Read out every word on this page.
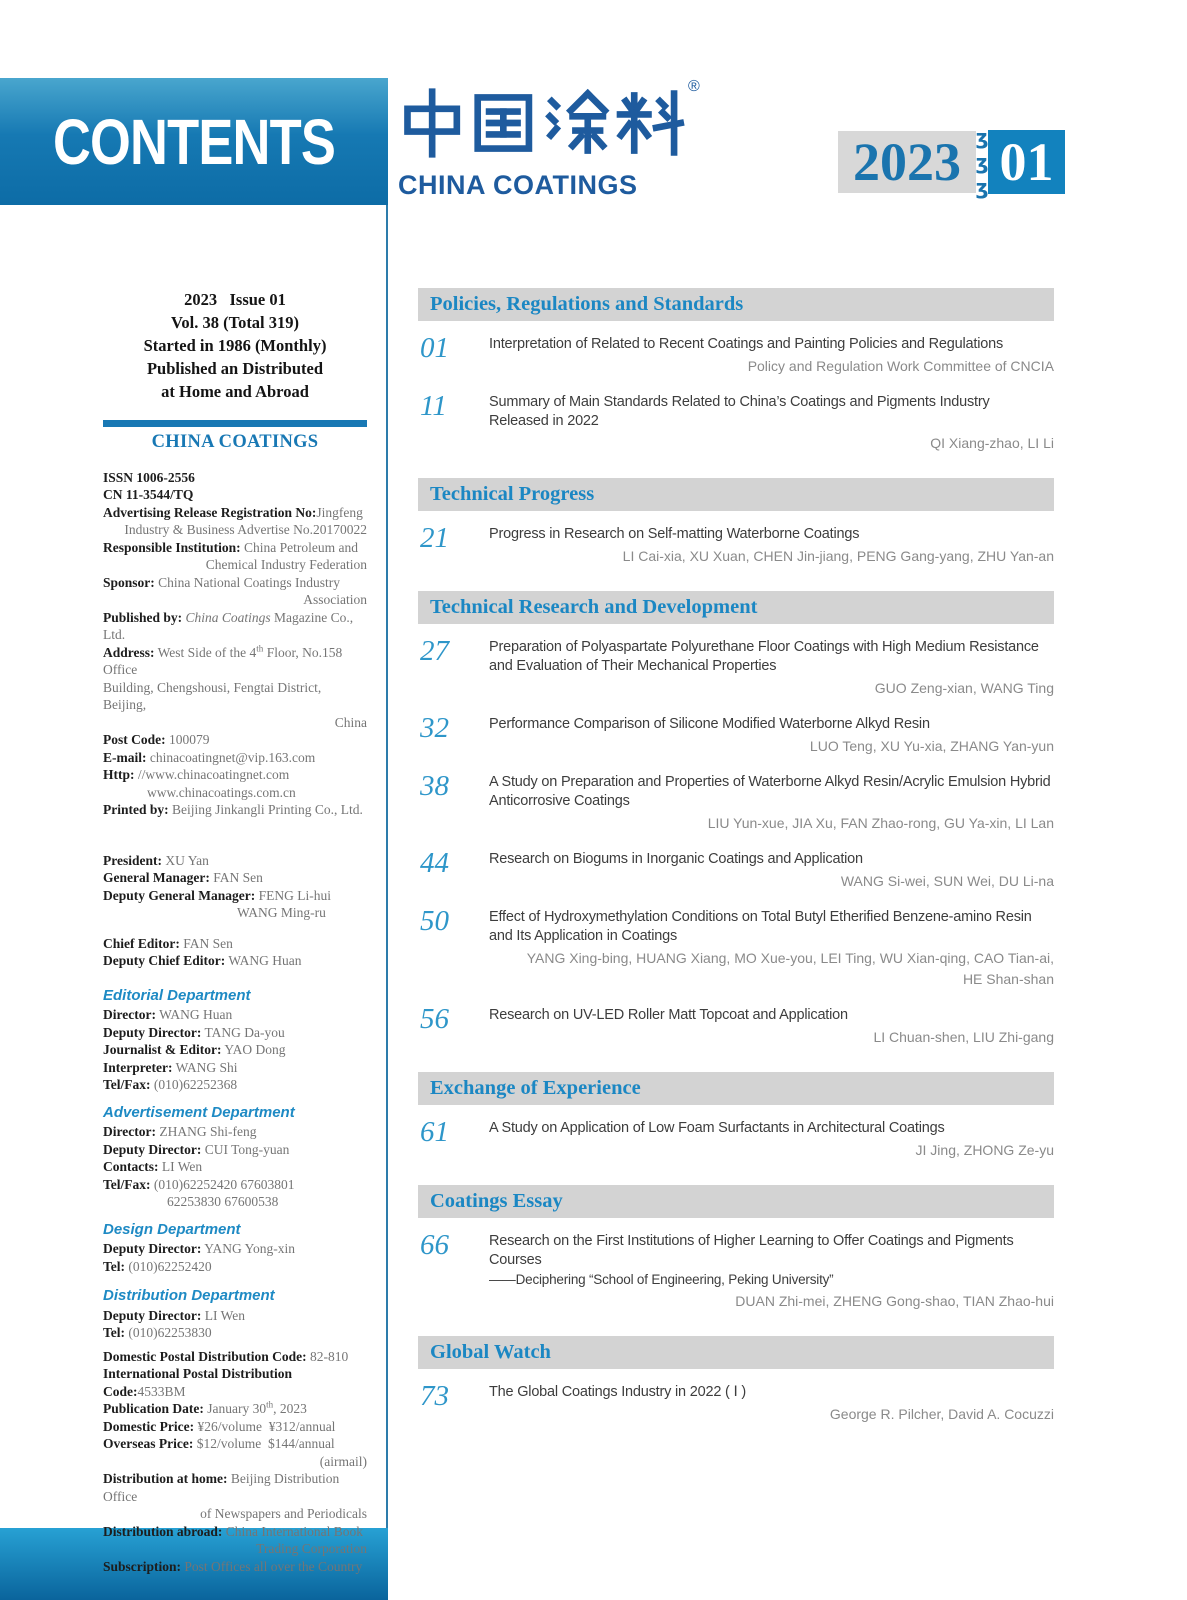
CONTENTS
®
CHINA COATINGS	2023 ʒ
ʒ
ʒ 01
2023   Issue 01
Vol. 38 (Total 319)
Started in 1986 (Monthly)
Published an Distributed
at Home and Abroad
CHINA COATINGS
ISSN 1006-2556
CN 11-3544/TQ
Advertising Release Registration No:Jingfeng
Industry & Business Advertise No.20170022
Responsible Institution: China Petroleum and
Chemical Industry Federation
Sponsor: China National Coatings Industry
Association
Published by: China Coatings Magazine Co., Ltd.
Address: West Side of the 4th Floor, No.158 Office
Building, Chengshousi, Fengtai District, Beijing,
China
Post Code: 100079
E-mail: chinacoatingnet@vip.163.com
Http: //www.chinacoatingnet.com
www.chinacoatings.com.cn
Printed by: Beijing Jinkangli Printing Co., Ltd.
President: XU Yan
General Manager: FAN Sen
Deputy General Manager: FENG Li-hui
WANG Ming-ru
Chief Editor: FAN Sen
Deputy Chief Editor: WANG Huan
Editorial Department
Director: WANG Huan
Deputy Director: TANG Da-you
Journalist & Editor: YAO Dong
Interpreter: WANG Shi
Tel/Fax: (010)62252368
Advertisement Department
Director: ZHANG Shi-feng
Deputy Director: CUI Tong-yuan
Contacts: LI Wen
Tel/Fax: (010)62252420 67603801
62253830 67600538
Design Department
Deputy Director: YANG Yong-xin
Tel: (010)62252420
Distribution Department
Deputy Director: LI Wen
Tel: (010)62253830
Domestic Postal Distribution Code: 82-810
International Postal Distribution Code:4533BM
Publication Date: January 30th, 2023
Domestic Price: ¥26/volume  ¥312/annual
Overseas Price: $12/volume  $144/annual
(airmail)
Distribution at home: Beijing Distribution Office
of Newspapers and Periodicals
Distribution abroad: China International Book
Trading Corporation
Subscription: Post Offices all over the Country
Policies, Regulations and Standards
01	Interpretation of Related to Recent Coatings and Painting Policies and Regulations
Policy and Regulation Work Committee of CNCIA
11	Summary of Main Standards Related to China’s Coatings and Pigments Industry Released in 2022
QI Xiang-zhao, LI Li
Technical Progress
21	Progress in Research on Self-matting Waterborne Coatings
LI Cai-xia, XU Xuan, CHEN Jin-jiang, PENG Gang-yang, ZHU Yan-an
Technical Research and Development
27	Preparation of Polyaspartate Polyurethane Floor Coatings with High Medium Resistance and Evaluation of Their Mechanical Properties
GUO Zeng-xian, WANG Ting
32	Performance Comparison of Silicone Modified Waterborne Alkyd Resin
LUO Teng, XU Yu-xia, ZHANG Yan-yun
38	A Study on Preparation and Properties of Waterborne Alkyd Resin/Acrylic Emulsion Hybrid Anticorrosive Coatings
LIU Yun-xue, JIA Xu, FAN Zhao-rong, GU Ya-xin, LI Lan
44	Research on Biogums in Inorganic Coatings and Application
WANG Si-wei, SUN Wei, DU Li-na
50	Effect of Hydroxymethylation Conditions on Total Butyl Etherified Benzene-amino Resin and Its Application in Coatings
YANG Xing-bing, HUANG Xiang, MO Xue-you, LEI Ting, WU Xian-qing, CAO Tian-ai,
HE Shan-shan
56	Research on UV-LED Roller Matt Topcoat and Application
LI Chuan-shen, LIU Zhi-gang
Exchange of Experience
61	A Study on Application of Low Foam Surfactants in Architectural Coatings
JI Jing, ZHONG Ze-yu
Coatings Essay
66	Research on the First Institutions of Higher Learning to Offer Coatings and Pigments Courses
——Deciphering “School of Engineering, Peking University”
DUAN Zhi-mei, ZHENG Gong-shao, TIAN Zhao-hui
Global Watch
73	The Global Coatings Industry in 2022 ( Ⅰ )
George R. Pilcher, David A. Cocuzzi
